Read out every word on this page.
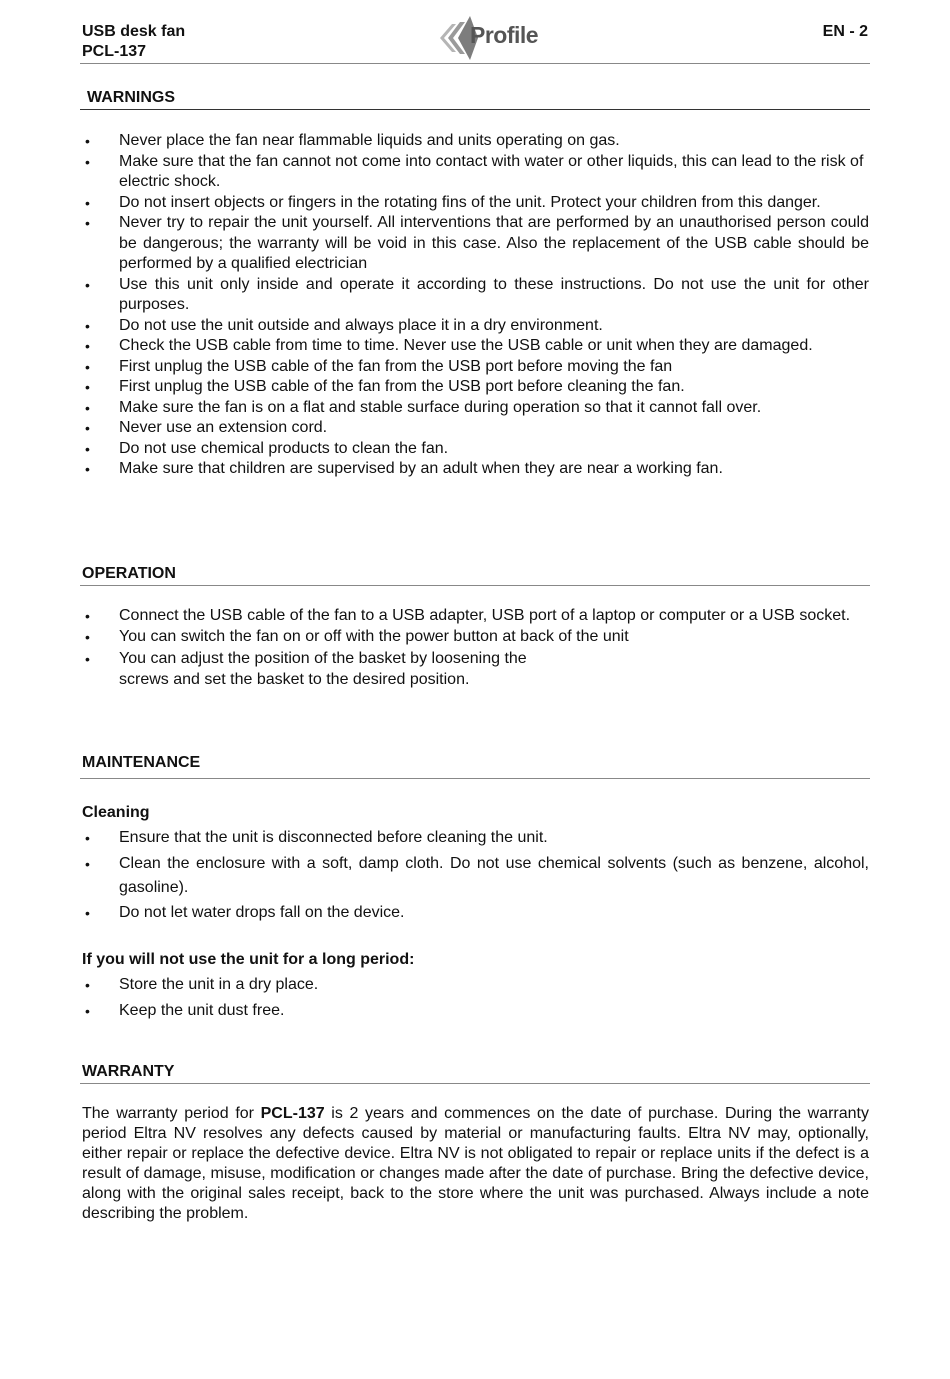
USB desk fan
PCL-137
Profile	EN - 2
WARNINGS
• Never place the fan near flammable liquids and units operating on gas.
• Make sure that the fan cannot not come into contact with water or other liquids, this can lead to the risk of electric shock.
• Do not insert objects or fingers in the rotating fins of the unit. Protect your children from this danger.
• Never try to repair the unit yourself. All interventions that are performed by an unauthorised person could be dangerous; the warranty will be void in this case. Also the replacement of the USB cable should be performed by a qualified electrician
• Use this unit only inside and operate it according to these instructions. Do not use the unit for other purposes.
• Do not use the unit outside and always place it in a dry environment.
• Check the USB cable from time to time. Never use the USB cable or unit when they are damaged.
• First unplug the USB cable of the fan from the USB port before moving the fan
• First unplug the USB cable of the fan from the USB port before cleaning the fan.
• Make sure the fan is on a flat and stable surface during operation so that it cannot fall over.
• Never use an extension cord.
• Do not use chemical products to clean the fan.
• Make sure that children are supervised by an adult when they are near a working fan.
OPERATION
• Connect the USB cable of the fan to a USB adapter, USB port of a laptop or computer or a USB socket.
• You can switch the fan on or off with the power button at back of the unit
• You can adjust the position of the basket by loosening the
screws and set the basket to the desired position.
MAINTENANCE
Cleaning
• Ensure that the unit is disconnected before cleaning the unit.
• Clean the enclosure with a soft, damp cloth. Do not use chemical solvents (such as benzene, alcohol, gasoline).
• Do not let water drops fall on the device.
If you will not use the unit for a long period:
• Store the unit in a dry place.
• Keep the unit dust free.
WARRANTY

The warranty period for PCL-137 is 2 years and commences on the date of purchase. During the warranty period Eltra NV resolves any defects caused by material or manufacturing faults. Eltra NV may, optionally, either repair or replace the defective device. Eltra NV is not obligated to repair or replace units if the defect is a result of damage, misuse, modification or changes made after the date of purchase. Bring the defective device, along with the original sales receipt, back to the store where the unit was purchased. Always include a note describing the problem.
